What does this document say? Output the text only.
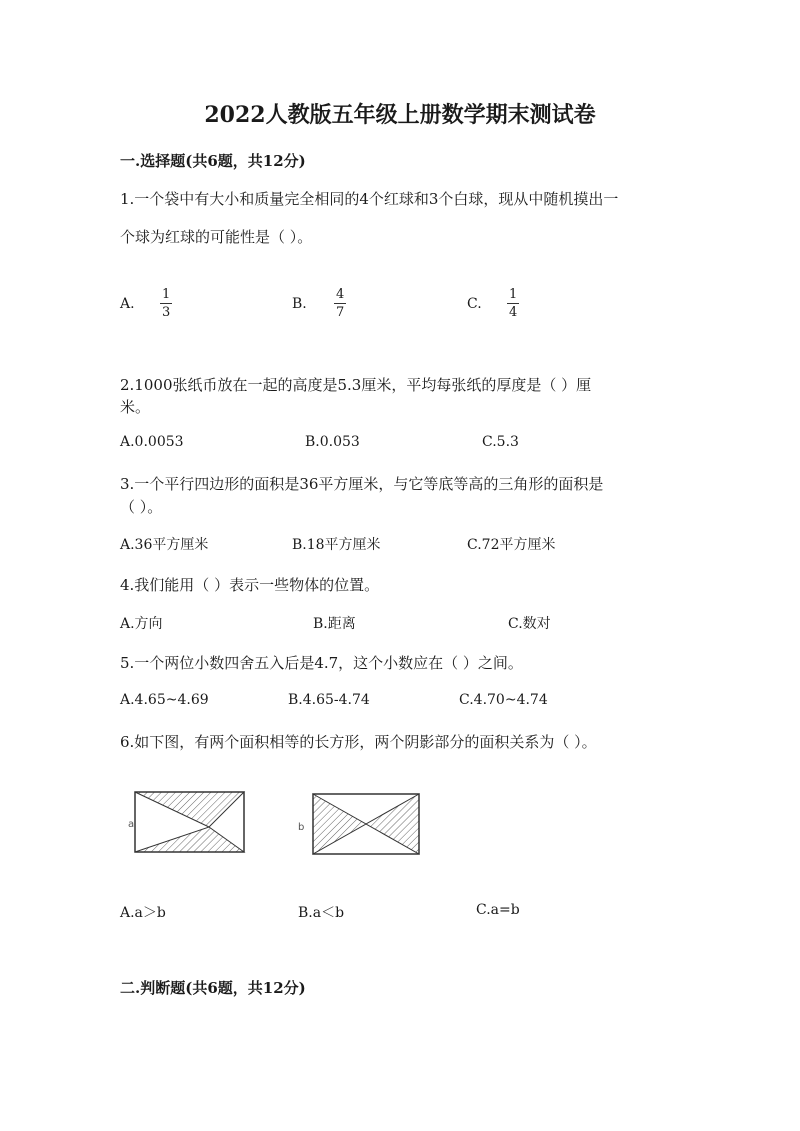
2022人教版五年级上册数学期末测试卷
一.选择题(共6题，共12分)
1.一个袋中有大小和质量完全相同的4个红球和3个白球，现从中随机摸出一
个球为红球的可能性是（ ）。
A.
1
3
B.
4
7
C.
1
4
2.1000张纸币放在一起的高度是5.3厘米，平均每张纸的厚度是（ ）厘
米。
A.0.0053	B.0.053	C.5.3
3.一个平行四边形的面积是36平方厘米，与它等底等高的三角形的面积是
（ ）。
A.36平方厘米	B.18平方厘米	C.72平方厘米
4.我们能用（ ）表示一些物体的位置。
A.方向	B.距离	C.数对
5.一个两位小数四舍五入后是4.7，这个小数应在（ ）之间。
A.4.65~4.69	B.4.65-4.74	C.4.70~4.74
6.如下图，有两个面积相等的长方形，两个阴影部分的面积关系为（ ）。
a	b
A.a＞b	B.a＜b	C.a=b
二.判断题(共6题，共12分)
